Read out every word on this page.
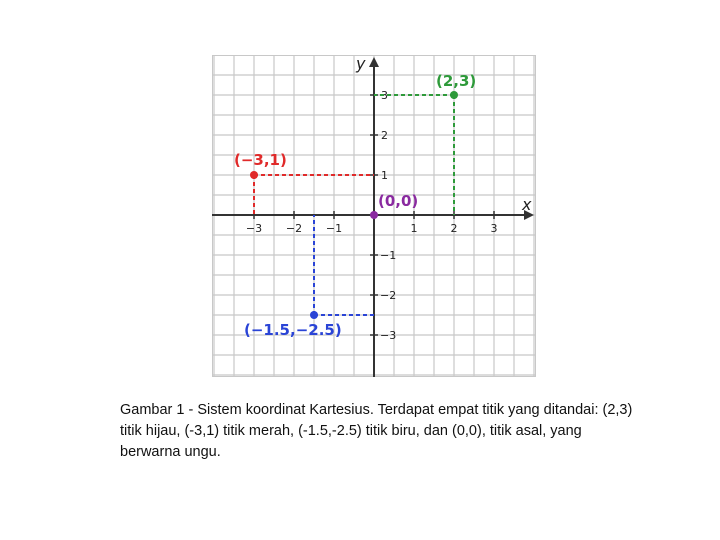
x
y
−3 −2 −1	1	2	3
1
2
3
−1
−2
−3
(2,3)
(−3,1)
(0,0)
(−1.5,−2.5)
Gambar 1 - Sistem koordinat Kartesius. Terdapat empat titik yang ditandai: (2,3) titik hijau, (-3,1) titik merah, (-1.5,-2.5) titik biru, dan (0,0), titik asal, yang berwarna ungu.
